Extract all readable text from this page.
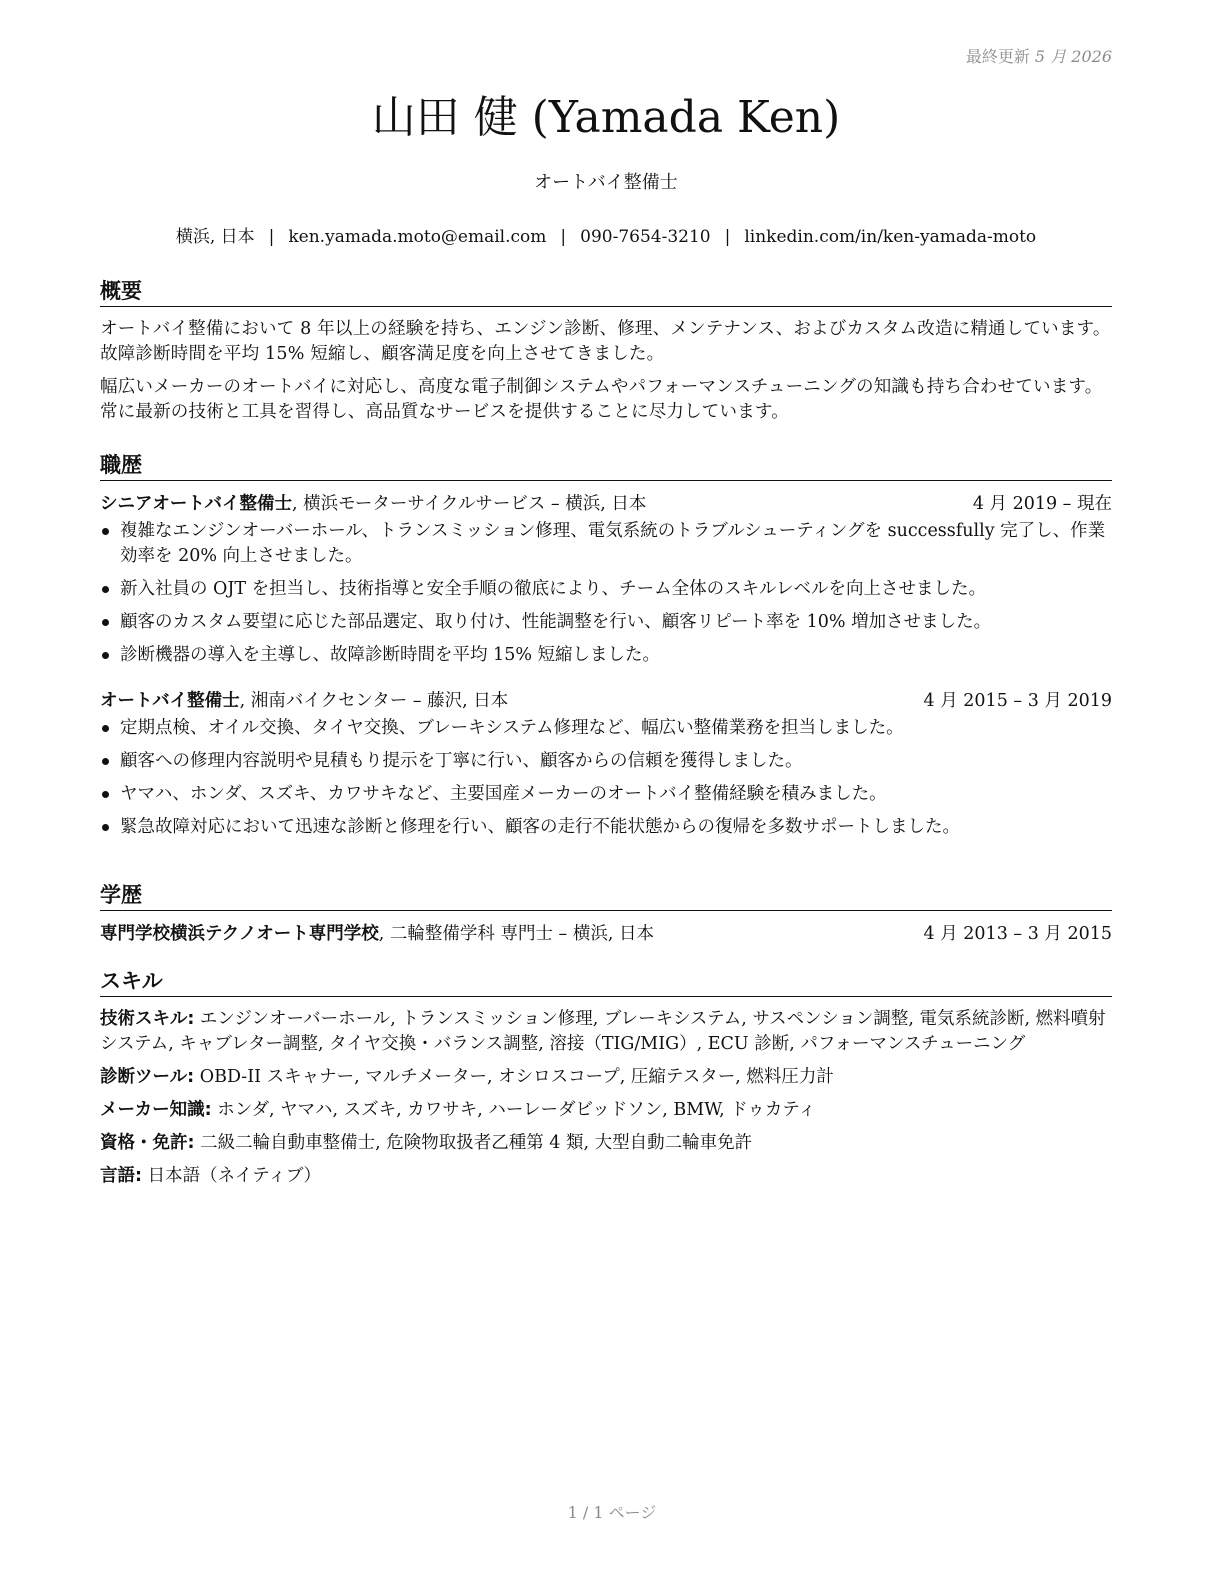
最終更新 5 月 2026
山田 健 (Yamada Ken)
オートバイ整備士
横浜, 日本 | ken.yamada.moto@email.com | 090-7654-3210 | linkedin.com/in/ken-yamada-moto
概要

オートバイ整備において 8 年以上の経験を持ち、エンジン診断、修理、メンテナンス、およびカスタム改造に精通しています。故障診断時間を平均 15% 短縮し、顧客満足度を向上させてきました。

幅広いメーカーのオートバイに対応し、高度な電子制御システムやパフォーマンスチューニングの知識も持ち合わせています。常に最新の技術と工具を習得し、高品質なサービスを提供することに尽力しています。

職歴
シニアオートバイ整備士, 横浜モーターサイクルサービス – 横浜, 日本	4 月 2019 – 現在
複雑なエンジンオーバーホール、トランスミッション修理、電気系統のトラブルシューティングを successfully 完了し、作業効率を 20% 向上させました。
新入社員の OJT を担当し、技術指導と安全手順の徹底により、チーム全体のスキルレベルを向上させました。
顧客のカスタム要望に応じた部品選定、取り付け、性能調整を行い、顧客リピート率を 10% 増加させました。
診断機器の導入を主導し、故障診断時間を平均 15% 短縮しました。
オートバイ整備士, 湘南バイクセンター – 藤沢, 日本	4 月 2015 – 3 月 2019
定期点検、オイル交換、タイヤ交換、ブレーキシステム修理など、幅広い整備業務を担当しました。
顧客への修理内容説明や見積もり提示を丁寧に行い、顧客からの信頼を獲得しました。
ヤマハ、ホンダ、スズキ、カワサキなど、主要国産メーカーのオートバイ整備経験を積みました。
緊急故障対応において迅速な診断と修理を行い、顧客の走行不能状態からの復帰を多数サポートしました。
学歴
専門学校横浜テクノオート専門学校, 二輪整備学科 専門士 – 横浜, 日本	4 月 2013 – 3 月 2015
スキル
技術スキル: エンジンオーバーホール, トランスミッション修理, ブレーキシステム, サスペンション調整, 電気系統診断, 燃料噴射システム, キャブレター調整, タイヤ交換・バランス調整, 溶接（TIG/MIG）, ECU 診断, パフォーマンスチューニング
診断ツール: OBD-II スキャナー, マルチメーター, オシロスコープ, 圧縮テスター, 燃料圧力計
メーカー知識: ホンダ, ヤマハ, スズキ, カワサキ, ハーレーダビッドソン, BMW, ドゥカティ
資格・免許: 二級二輪自動車整備士, 危険物取扱者乙種第 4 類, 大型自動二輪車免許
言語: 日本語（ネイティブ）
1 / 1 ページ
